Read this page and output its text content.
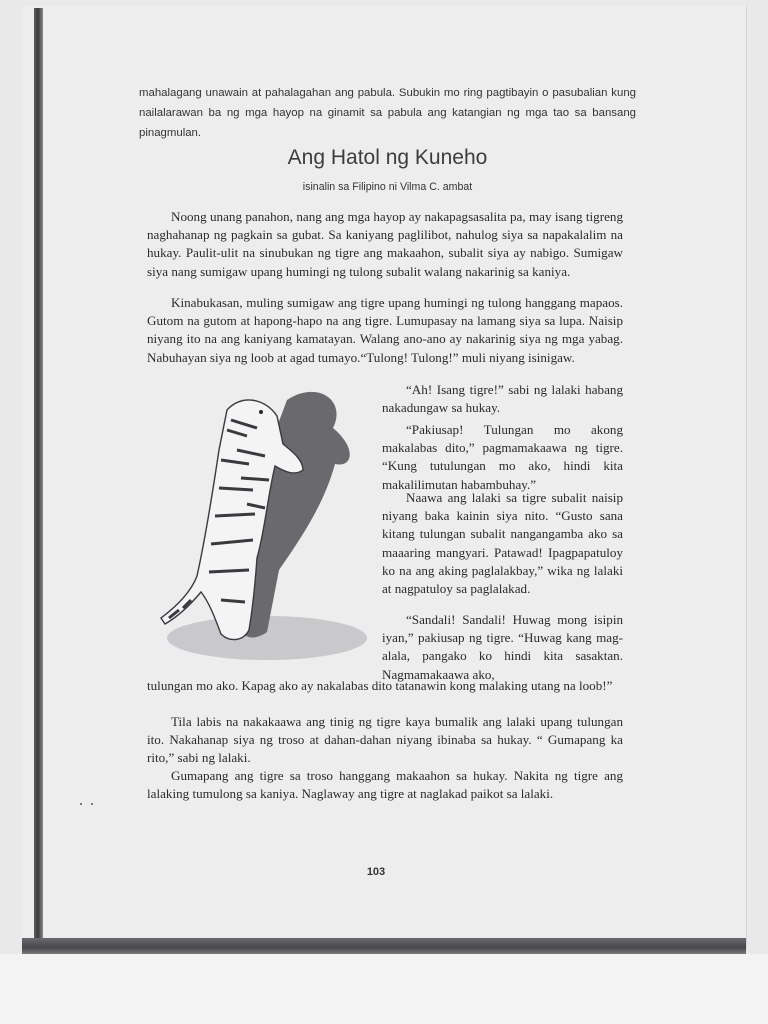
mahalagang unawain at pahalagahan ang pabula. Subukin mo ring pagtibayin o pasubalian kung nailalarawan ba ng mga hayop na ginamit sa pabula ang katangian ng mga tao sa bansang pinagmulan.
Ang Hatol ng Kuneho
isinalin sa Filipino ni Vilma C. ambat

Noong unang panahon, nang ang mga hayop ay nakapagsasalita pa, may isang tigreng naghahanap ng pagkain sa gubat. Sa kaniyang paglilibot, nahulog siya sa napakalalim na hukay. Paulit-ulit na sinubukan ng tigre ang makaahon, subalit siya ay nabigo. Sumigaw siya nang sumigaw upang humingi ng tulong subalit walang nakarinig sa kaniya.

Kinabukasan, muling sumigaw ang tigre upang humingi ng tulong hanggang mapaos. Gutom na gutom at hapong-hapo na ang tigre. Lumupasay na lamang siya sa lupa. Naisip niyang ito na ang kaniyang kamatayan. Walang ano-ano ay nakarinig siya ng mga yabag. Nabuhayan siya ng loob at agad tumayo.“Tulong! Tulong!” muli niyang isinigaw.

“Ah! Isang tigre!” sabi ng lalaki habang nakadungaw sa hukay.

“Pakiusap! Tulungan mo akong makalabas dito,” pagmamakaawa ng tigre. “Kung tutulungan mo ako, hindi kita makalilimutan habambuhay.”

Naawa ang lalaki sa tigre subalit naisip niyang baka kainin siya nito. “Gusto sana kitang tulungan subalit nangangamba ako sa maaaring mangyari. Patawad! Ipagpapatuloy ko na ang aking paglalakbay,” wika ng lalaki at nagpatuloy sa paglalakad.

“Sandali! Sandali! Huwag mong isipin iyan,” pakiusap ng tigre. “Huwag kang mag-alala, pangako ko hindi kita sasaktan. Nagmamakaawa ako,

tulungan mo ako. Kapag ako ay nakalabas dito tatanawin kong malaking utang na loob!”

Tila labis na nakakaawa ang tinig ng tigre kaya bumalik ang lalaki upang tulungan ito. Nakahanap siya ng troso at dahan-dahan niyang ibinaba sa hukay. “ Gumapang ka rito,” sabi ng lalaki.

Gumapang ang tigre sa troso hanggang makaahon sa hukay. Nakita ng tigre ang lalaking tumulong sa kaniya. Naglaway ang tigre at naglakad paikot sa lalaki.

103
